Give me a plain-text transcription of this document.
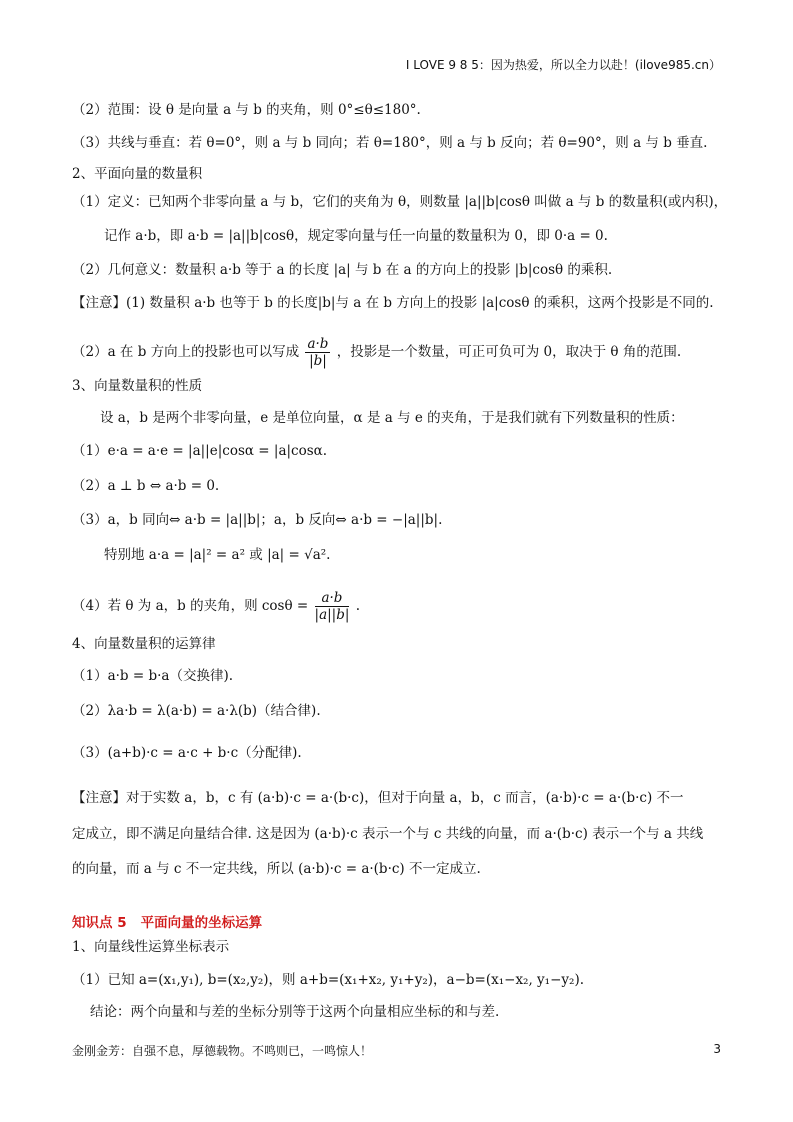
I LOVE 9 8 5：因为热爱，所以全力以赴！(ilove985.cn）
（2）范围：设 θ 是向量 a 与 b 的夹角，则 0°≤θ≤180°.
（3）共线与垂直：若 θ=0°，则 a 与 b 同向；若 θ=180°，则 a 与 b 反向；若 θ=90°，则 a 与 b 垂直.
2、平面向量的数量积
（1）定义：已知两个非零向量 a 与 b，它们的夹角为 θ，则数量 |a||b|cosθ 叫做 a 与 b 的数量积(或内积)，
记作 a·b，即 a·b = |a||b|cosθ，规定零向量与任一向量的数量积为 0，即 0·a = 0.
（2）几何意义：数量积 a·b 等于 a 的长度 |a| 与 b 在 a 的方向上的投影 |b|cosθ 的乘积.
【注意】(1) 数量积 a·b 也等于 b 的长度|b|与 a 在 b 方向上的投影 |a|cosθ 的乘积，这两个投影是不同的.
（2）a 在 b 方向上的投影也可以写成 $\frac{a\cdot b}{|b|}$ ，投影是一个数量，可正可负可为 0，取决于 θ 角的范围.
3、向量数量积的性质
设 a，b 是两个非零向量，e 是单位向量，α 是 a 与 e 的夹角，于是我们就有下列数量积的性质：
（1）e·a = a·e = |a||e|cosα = |a|cosα.
（2）a ⊥ b ⇔ a·b = 0.
（3）a，b 同向⇔ a·b = |a||b|；a，b 反向⇔ a·b = −|a||b|.
特别地 a·a = |a|² = a² 或 |a| = √a².
（4）若 θ 为 a，b 的夹角，则 $\cos\theta = \frac{a\cdot b}{|a||b|}$ .
4、向量数量积的运算律
（1）a·b = b·a（交换律).
（2）λa·b = λ(a·b) = a·λ(b)（结合律).
（3）(a+b)·c = a·c + b·c（分配律).
【注意】对于实数 a，b，c 有 (a·b)·c = a·(b·c)，但对于向量 a，b，c 而言，(a·b)·c = a·(b·c) 不一
定成立，即不满足向量结合律. 这是因为 (a·b)·c 表示一个与 c 共线的向量，而 a·(b·c) 表示一个与 a 共线
的向量，而 a 与 c 不一定共线，所以 (a·b)·c = a·(b·c) 不一定成立.
知识点 5 平面向量的坐标运算
1、向量线性运算坐标表示
（1）已知 a=(x₁,y₁), b=(x₂,y₂)，则 a+b=(x₁+x₂, y₁+y₂)，a−b=(x₁−x₂, y₁−y₂).
结论：两个向量和与差的坐标分别等于这两个向量相应坐标的和与差.
金刚金芳：自强不息，厚德载物。不鸣则已，一鸣惊人！	3
